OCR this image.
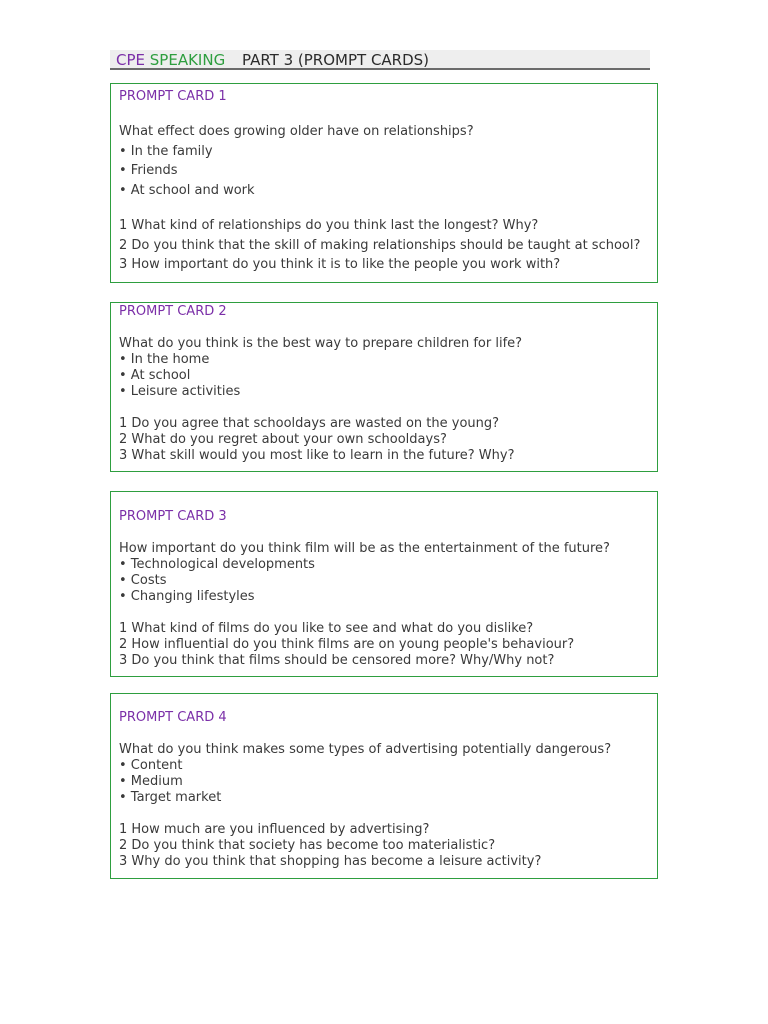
CPE SPEAKING PART 3 (PROMPT CARDS)
PROMPT CARD 1

What effect does growing older have on relationships?

• In the family

• Friends

• At school and work

1 What kind of relationships do you think last the longest? Why?

2 Do you think that the skill of making relationships should be taught at school?

3 How important do you think it is to like the people you work with?

PROMPT CARD 2

What do you think is the best way to prepare children for life?

• In the home

• At school

• Leisure activities

1 Do you agree that schooldays are wasted on the young?

2 What do you regret about your own schooldays?

3 What skill would you most like to learn in the future? Why?

PROMPT CARD 3

How important do you think film will be as the entertainment of the future?

• Technological developments

• Costs

• Changing lifestyles

1 What kind of films do you like to see and what do you dislike?

2 How influential do you think films are on young people's behaviour?

3 Do you think that films should be censored more? Why/Why not?

PROMPT CARD 4

What do you think makes some types of advertising potentially dangerous?

• Content

• Medium

• Target market

1 How much are you influenced by advertising?

2 Do you think that society has become too materialistic?

3 Why do you think that shopping has become a leisure activity?
